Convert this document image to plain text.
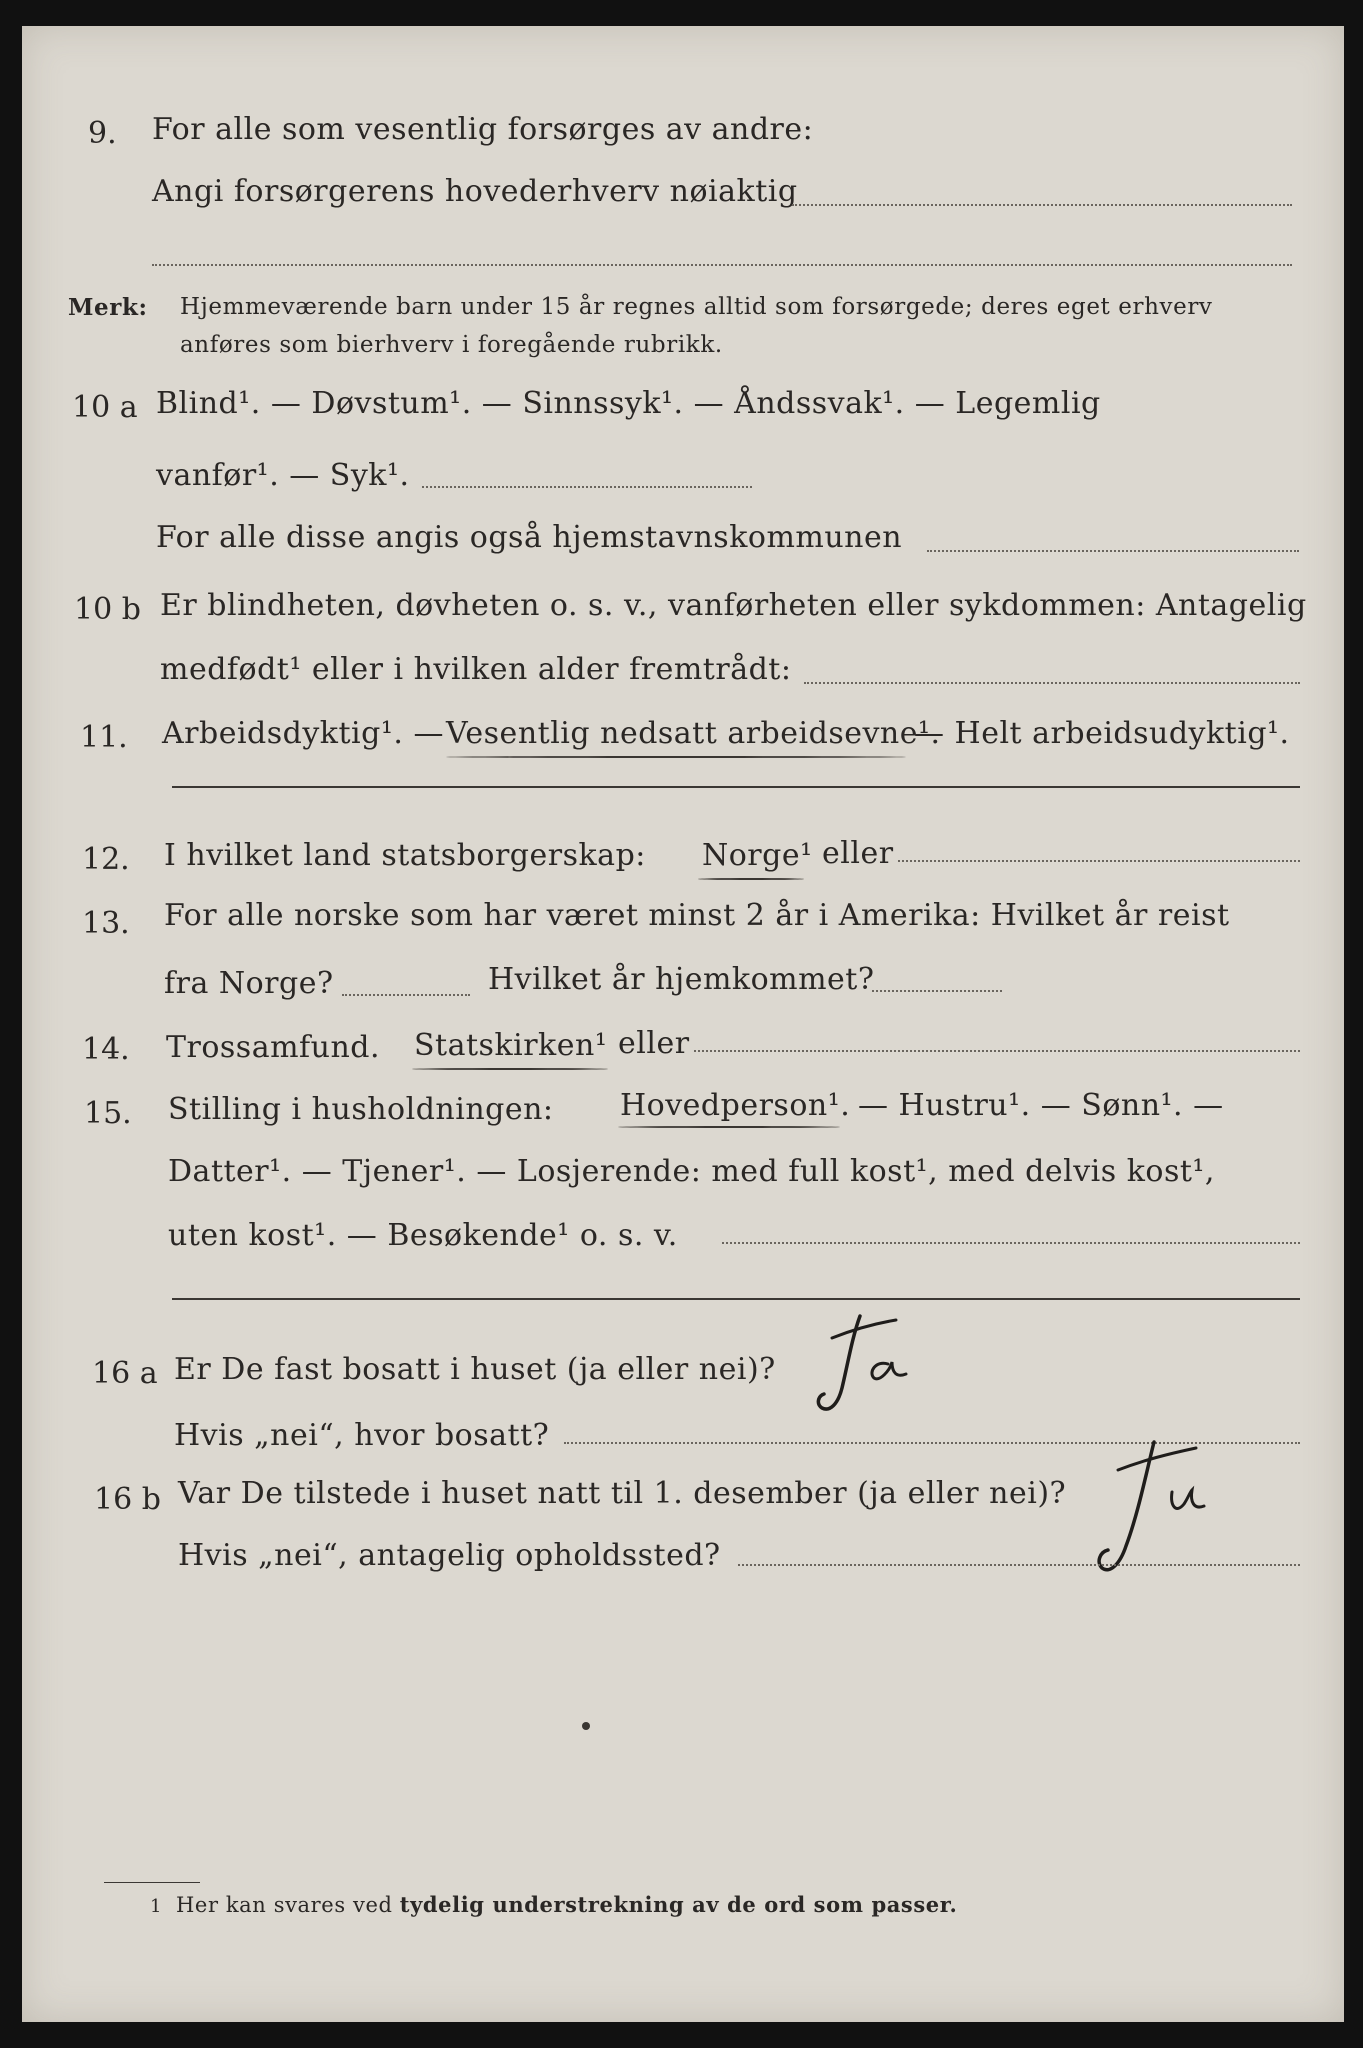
9. For alle som vesentlig forsørges av andre:
Angi forsørgerens hovederhverv nøiaktig
Merk: Hjemmeværende barn under 15 år regnes alltid som forsørgede; deres eget erhverv
anføres som bierhverv i foregående rubrikk.
10 a Blind¹. — Døvstum¹. — Sinnssyk¹. — Åndssvak¹. — Legemlig
vanfør¹. — Syk¹.
For alle disse angis også hjemstavnskommunen
10 b Er blindheten, døvheten o. s. v., vanførheten eller sykdommen: Antagelig
medfødt¹ eller i hvilken alder fremtrådt:
11. Arbeidsdyktig¹. — Vesentlig nedsatt arbeidsevne¹.
— Helt arbeidsudyktig¹.
12. I hvilket land statsborgerskap: Norge¹ eller
13. For alle norske som har været minst 2 år i Amerika: Hvilket år reist
fra Norge?	Hvilket år hjemkommet?
14. Trossamfund. Statskirken¹ eller
15. Stilling i husholdningen: Hovedperson¹. — Hustru¹. — Sønn¹. —
Datter¹. — Tjener¹. — Losjerende: med full kost¹, med delvis kost¹,
uten kost¹. — Besøkende¹ o. s. v.
16 a Er De fast bosatt i huset (ja eller nei)?
Hvis „nei“, hvor bosatt?
16 b Var De tilstede i huset natt til 1. desember (ja eller nei)?
Hvis „nei“, antagelig opholdssted?
1 Her kan svares ved tydelig understrekning av de ord som passer.
